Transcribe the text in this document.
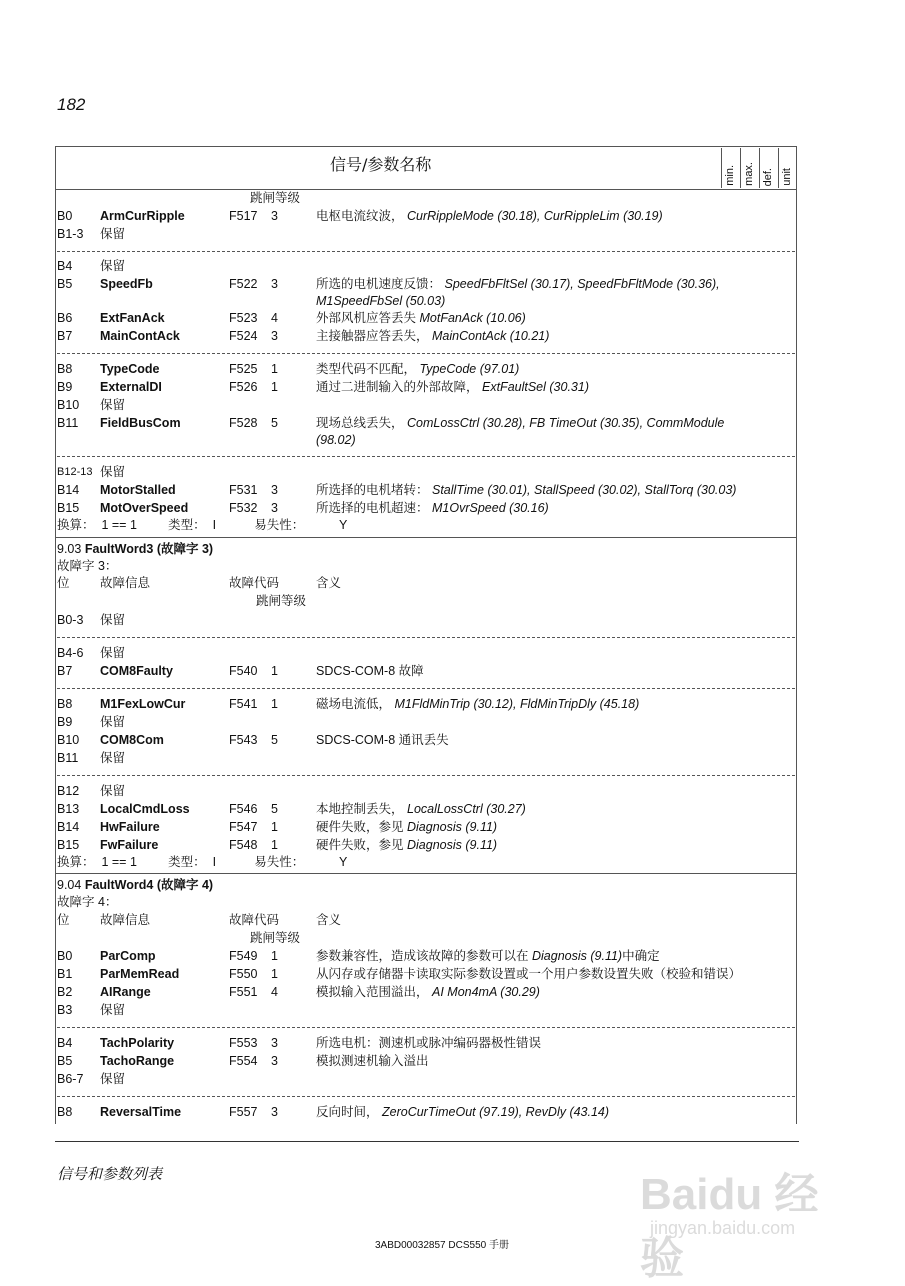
182
信号/参数名称
min. max. def. unit
跳闸等级
B0 ArmCurRipple	F517 3	电枢电流纹波， CurRippleMode (30.18), CurRippleLim (30.19)
B1-3 保留
B4 保留
B5 SpeedFb	F522 3	所选的电机速度反馈： SpeedFbFltSel (30.17), SpeedFbFltMode (30.36),
M1SpeedFbSel (50.03)
B6 ExtFanAck	F523 4	外部风机应答丢失 MotFanAck (10.06)
B7 MainContAck	F524 3	主接触器应答丢失， MainContAck (10.21)
B8 TypeCode	F525 1	类型代码不匹配， TypeCode (97.01)
B9 ExternalDI	F526 1	通过二进制输入的外部故障， ExtFaultSel (30.31)
B10 保留
B11 FieldBusCom	F528 5	现场总线丢失， ComLossCtrl (30.28), FB TimeOut (30.35), CommModule
(98.02)
B12-13 保留
B14 MotorStalled	F531 3	所选择的电机堵转： StallTime (30.01), StallSpeed (30.02), StallTorq (30.03)
B15 MotOverSpeed	F532 3	所选择的电机超速： M1OvrSpeed (30.16)
换算：  1 == 1         类型：  I           易失性：          Y
9.03 FaultWord3 (故障字 3)
故障字 3：
位 故障信息	故障代码	含义
跳闸等级
B0-3 保留
B4-6 保留
B7 COM8Faulty	F540 1	SDCS-COM-8 故障
B8 M1FexLowCur	F541 1	磁场电流低， M1FldMinTrip (30.12), FldMinTripDly (45.18)
B9 保留
B10 COM8Com	F543 5	SDCS-COM-8 通讯丢失
B11 保留
B12 保留
B13 LocalCmdLoss	F546 5	本地控制丢失， LocalLossCtrl (30.27)
B14 HwFailure	F547 1	硬件失败，参见 Diagnosis (9.11)
B15 FwFailure	F548 1	硬件失败，参见 Diagnosis (9.11)
换算：  1 == 1         类型：  I           易失性：          Y
9.04 FaultWord4 (故障字 4)
故障字 4：
位 故障信息	故障代码	含义
跳闸等级
B0 ParComp	F549 1	参数兼容性，造成该故障的参数可以在 Diagnosis (9.11)中确定
B1 ParMemRead	F550 1	从闪存或存储器卡读取实际参数设置或一个用户参数设置失败（校验和错误）
B2 AIRange	F551 4	模拟输入范围溢出， AI Mon4mA (30.29)
B3 保留
B4 TachPolarity	F553 3	所选电机：测速机或脉冲编码器极性错误
B5 TachoRange	F554 3	模拟测速机输入溢出
B6-7 保留
B8 ReversalTime	F557 3	反向时间， ZeroCurTimeOut (97.19), RevDly (43.14)
信号和参数列表
3ABD00032857 DCS550 手册
Baidu 经验
jingyan.baidu.com
